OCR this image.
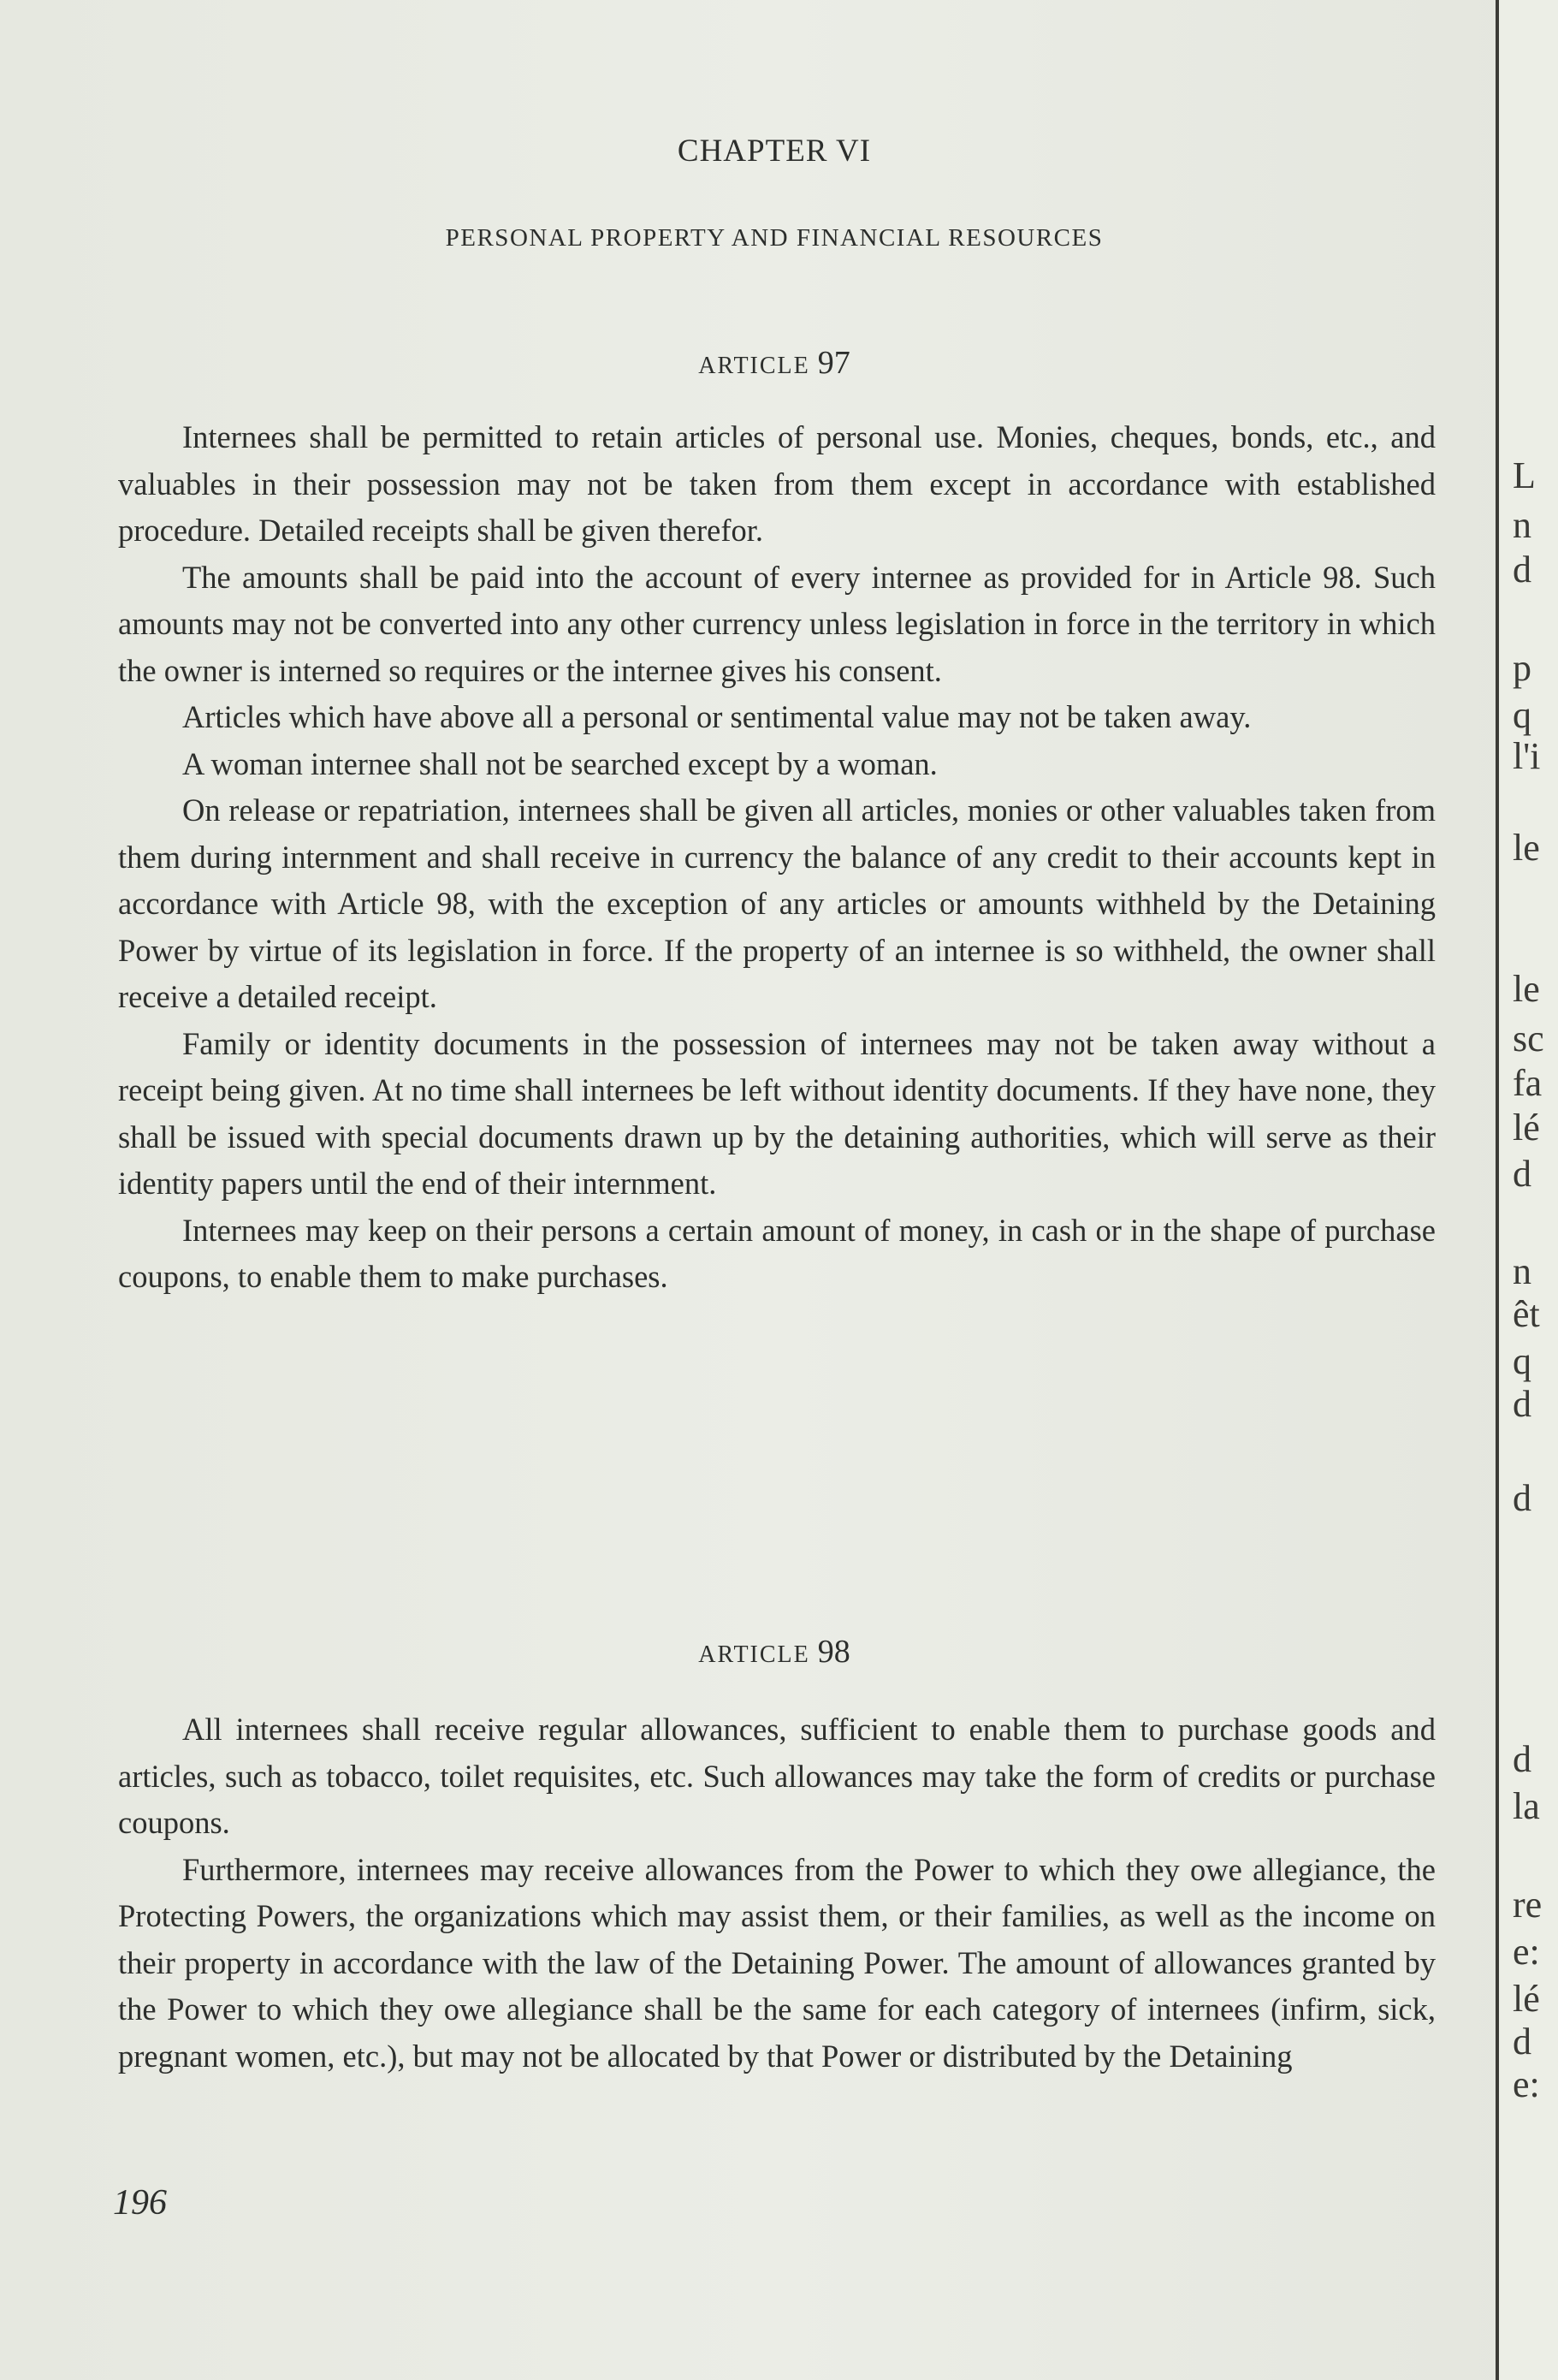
CHAPTER VI
PERSONAL PROPERTY AND FINANCIAL RESOURCES
ARTICLE 97

Internees shall be permitted to retain articles of personal use. Monies, cheques, bonds, etc., and valuables in their possession may not be taken from them except in accordance with established procedure. Detailed receipts shall be given therefor.

The amounts shall be paid into the account of every internee as provided for in Article 98. Such amounts may not be converted into any other currency unless legislation in force in the territory in which the owner is interned so requires or the internee gives his consent.

Articles which have above all a personal or sentimental value may not be taken away.

A woman internee shall not be searched except by a woman.

On release or repatriation, internees shall be given all articles, monies or other valuables taken from them during internment and shall receive in currency the balance of any credit to their accounts kept in accordance with Article 98, with the exception of any articles or amounts withheld by the Detaining Power by virtue of its legislation in force. If the property of an internee is so withheld, the owner shall receive a detailed receipt.

Family or identity documents in the possession of internees may not be taken away without a receipt being given. At no time shall internees be left without identity documents. If they have none, they shall be issued with special documents drawn up by the detaining authorities, which will serve as their identity papers until the end of their internment.

Internees may keep on their persons a certain amount of money, in cash or in the shape of purchase coupons, to enable them to make purchases.

ARTICLE 98

All internees shall receive regular allowances, sufficient to enable them to purchase goods and articles, such as tobacco, toilet requisites, etc. Such allowances may take the form of credits or purchase coupons.

Furthermore, internees may receive allowances from the Power to which they owe allegiance, the Protecting Powers, the organizations which may assist them, or their families, as well as the income on their property in accordance with the law of the Detaining Power. The amount of allowances granted by the Power to which they owe allegiance shall be the same for each category of internees (infirm, sick, pregnant women, etc.), but may not be allocated by that Power or distributed by the Detaining

196
L
n
d
p
q
l'i
le
le
sc
fa
lé
d
n
êt
q
d
d
d
la
re
e:
lé
d
e:
